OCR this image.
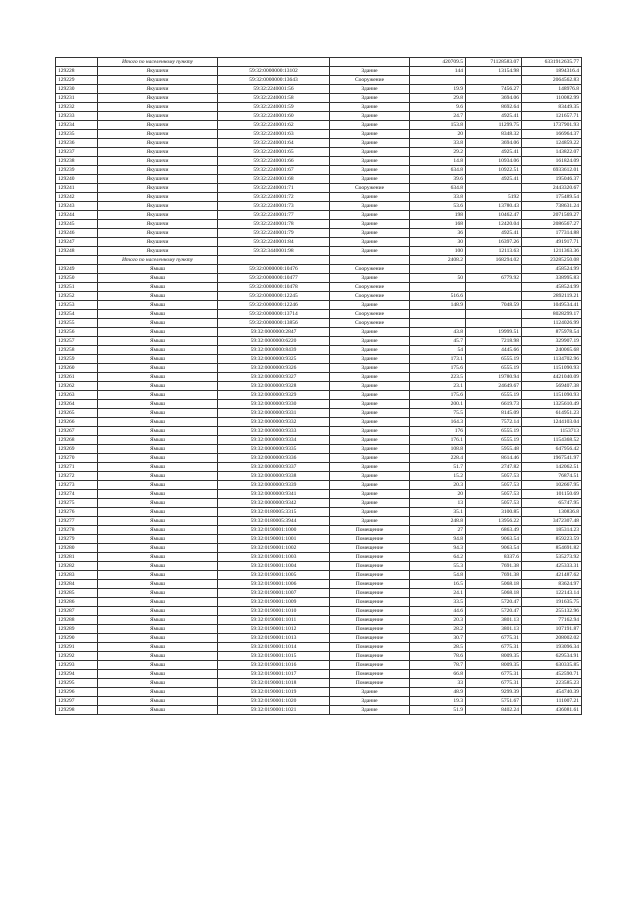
	Итого по населенному пункту			420709.5	71128583.07	6331912635.77
129228	Якушичи	59:32:0000000:13102	Здание	144	13154.98	1894316.4
129229	Якушичи	59:32:0000000:13643	Сооружение			2064562.83
129230	Якушичи	59:32:2240001:56	Здание	19.9	7456.27	148976.8
129231	Якушичи	59:32:2240001:58	Здание	29.8	3694.06	110082.99
129232	Якушичи	59:32:2240001:59	Здание	9.6	8692.64	83449.35
129233	Якушичи	59:32:2240001:60	Здание	24.7	4925.41	121657.71
129234	Якушичи	59:32:2240001:62	Здание	153.8	11299.75	1737901.93
129235	Якушичи	59:32:2240001:63	Здание	20	8348.32	166964.37
129236	Якушичи	59:32:2240001:64	Здание	33.8	3694.06	124859.22
129237	Якушичи	59:32:2240001:65	Здание	29.2	4925.41	143822.07
129238	Якушичи	59:32:2240001:66	Здание	14.8	10934.06	161824.09
129239	Якушичи	59:32:2240001:67	Здание	634.8	10922.51	6933612.01
129240	Якушичи	59:32:2240001:68	Здание	39.6	4925.41	195046.37
129241	Якушичи	59:32:2240001:71	Сооружение	634.8		2443320.67
129242	Якушичи	59:32:2240001:72	Здание	33.8	5192	175489.54
129243	Якушичи	59:32:2240001:73	Здание	53.6	13780.43	738631.24
129244	Якушичи	59:32:2240001:77	Здание	198	10462.47	2071569.27
129245	Якушичи	59:32:2240001:78	Здание	168	12420.04	2086567.27
129246	Якушичи	59:32:2240001:79	Здание	36	4925.41	177314.88
129247	Якушичи	59:32:2240001:84	Здание	30	16397.26	491917.71
129248	Якушичи	59:32:3440001:98	Здание	100	12113.63	1211363.36
	Итого по населенному пункту			2408.2	168294.02	23285250.08
129249	Ямыш	59:32:0000000:10476	Сооружение			458524.99
129250	Ямыш	59:32:0000000:10477	Здание	50	6779.92	338995.83
129251	Ямыш	59:32:0000000:10478	Сооружение			458524.99
129252	Ямыш	59:32:0000000:12245	Сооружение	516.6		2892119.21
129253	Ямыш	59:32:0000000:12246	Здание	148.9	7048.59	1049534.41
129254	Ямыш	59:32:0000000:13714	Сооружение			8028299.17
129255	Ямыш	59:32:0000000:13856	Сооружение			1124026.99
129256	Ямыш	59:32:0000000:2847	Здание	43.8	19999.51	875978.54
129257	Ямыш	59:32:0000000:6220	Здание	45.7	7218.98	329907.19
129258	Ямыш	59:32:0000000:8439	Здание	54	4445.66	240065.68
129259	Ямыш	59:32:0000000:9325	Здание	173.1	6555.19	1134702.96
129260	Ямыш	59:32:0000000:9326	Здание	175.6	6555.19	1151090.93
129261	Ямыш	59:32:0000000:9327	Здание	223.5	19780.94	4421040.09
129262	Ямыш	59:32:0000000:9328	Здание	23.1	24649.67	569407.38
129263	Ямыш	59:32:0000000:9329	Здание	175.6	6555.19	1151090.93
129264	Ямыш	59:32:0000000:9330	Здание	200.1	6619.73	1325610.49
129265	Ямыш	59:32:0000000:9331	Здание	75.5	8145.09	614951.23
129266	Ямыш	59:32:0000000:9332	Здание	164.3	7572.14	1244103.04
129267	Ямыш	59:32:0000000:9333	Здание	176	6555.19	1153713
129268	Ямыш	59:32:0000000:9334	Здание	176.1	6555.19	1154368.52
129269	Ямыш	59:32:0000000:9335	Здание	108.8	5955.48	647956.42
129270	Ямыш	59:32:0000000:9336	Здание	228.4	8614.46	1967541.97
129271	Ямыш	59:32:0000000:9337	Здание	51.7	2747.82	142062.51
129272	Ямыш	59:32:0000000:9338	Здание	15.2	5057.53	76874.51
129273	Ямыш	59:32:0000000:9339	Здание	20.3	5057.53	102667.95
129274	Ямыш	59:32:0000000:9341	Здание	20	5057.53	101150.69
129275	Ямыш	59:32:0000000:9342	Здание	13	5057.53	65747.95
129276	Ямыш	59:32:0180005:3315	Здание	35.1	3100.85	130836.8
129277	Ямыш	59:32:0180005:3944	Здание	248.8	13956.22	3472307.48
129278	Ямыш	59:32:0190001:1000	Помещение	27	6863.49	185314.23
129279	Ямыш	59:32:0190001:1001	Помещение	94.8	9063.54	859223.59
129280	Ямыш	59:32:0190001:1002	Помещение	94.3	9063.54	854691.82
129281	Ямыш	59:32:0190001:1003	Помещение	64.2	8337.6	535273.92
129282	Ямыш	59:32:0190001:1004	Помещение	55.3	7691.38	425333.31
129283	Ямыш	59:32:0190001:1005	Помещение	54.8	7691.38	421487.62
129284	Ямыш	59:32:0190001:1006	Помещение	16.5	5068.18	83624.97
129285	Ямыш	59:32:0190001:1007	Помещение	24.1	5068.18	122143.14
129286	Ямыш	59:32:0190001:1009	Помещение	33.5	5720.47	191635.75
129287	Ямыш	59:32:0190001:1010	Помещение	44.6	5720.47	255132.96
129288	Ямыш	59:32:0190001:1011	Помещение	20.3	3801.13	77162.94
129289	Ямыш	59:32:0190001:1012	Помещение	28.2	3801.13	107191.87
129290	Ямыш	59:32:0190001:1013	Помещение	30.7	6775.31	208002.02
129291	Ямыш	59:32:0190001:1014	Помещение	28.5	6775.31	193096.34
129292	Ямыш	59:32:0190001:1015	Помещение	78.6	8009.35	629534.91
129293	Ямыш	59:32:0190001:1016	Помещение	78.7	8009.35	630335.85
129294	Ямыш	59:32:0190001:1017	Помещение	66.8	6775.31	452590.71
129295	Ямыш	59:32:0190001:1018	Помещение	33	6775.31	223585.23
129296	Ямыш	59:32:0190001:1019	Здание	48.9	9299.39	454740.39
129297	Ямыш	59:32:0190001:1020	Здание	19.3	5751.67	111007.21
129298	Ямыш	59:32:0190001:1021	Здание	51.9	8402.24	436081.61
